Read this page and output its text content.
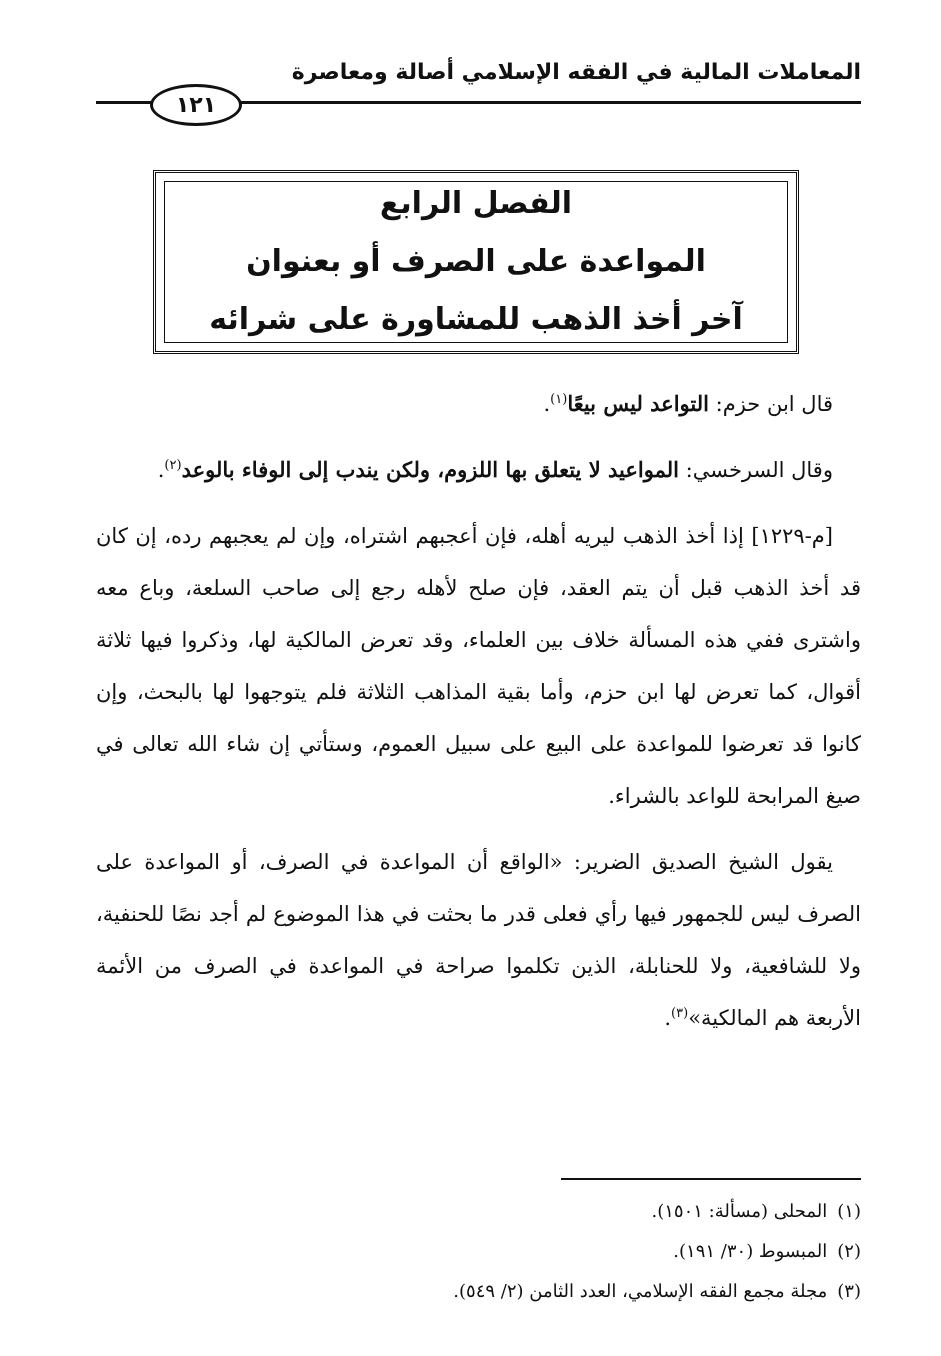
المعاملات المالية في الفقه الإسلامي أصالة ومعاصرة
١٢١
الفصل الرابع
المواعدة على الصرف أو بعنوان
آخر أخذ الذهب للمشاورة على شرائه

قال ابن حزم: التواعد ليس بيعًا$^{(١)}$.

وقال السرخسي: المواعيد لا يتعلق بها اللزوم، ولكن يندب إلى الوفاء بالوعد$^{(٢)}$.

[م-١٢٢٩] إذا أخذ الذهب ليريه أهله، فإن أعجبهم اشتراه، وإن لم يعجبهم رده، إن كان قد أخذ الذهب قبل أن يتم العقد، فإن صلح لأهله رجع إلى صاحب السلعة، وباع معه واشترى ففي هذه المسألة خلاف بين العلماء، وقد تعرض المالكية لها، وذكروا فيها ثلاثة أقوال، كما تعرض لها ابن حزم، وأما بقية المذاهب الثلاثة فلم يتوجهوا لها بالبحث، وإن كانوا قد تعرضوا للمواعدة على البيع على سبيل العموم، وستأتي إن شاء الله تعالى في صيغ المرابحة للواعد بالشراء.

يقول الشيخ الصديق الضرير: «الواقع أن المواعدة في الصرف، أو المواعدة على الصرف ليس للجمهور فيها رأي فعلى قدر ما بحثت في هذا الموضوع لم أجد نصًا للحنفية، ولا للشافعية، ولا للحنابلة، الذين تكلموا صراحة في المواعدة في الصرف من الأئمة الأربعة هم المالكية»$^{(٣)}$.

(١)المحلى (مسألة: ١٥٠١).
(٢)المبسوط (٣٠/ ١٩١).
(٣)مجلة مجمع الفقه الإسلامي، العدد الثامن (٢/ ٥٤٩).
